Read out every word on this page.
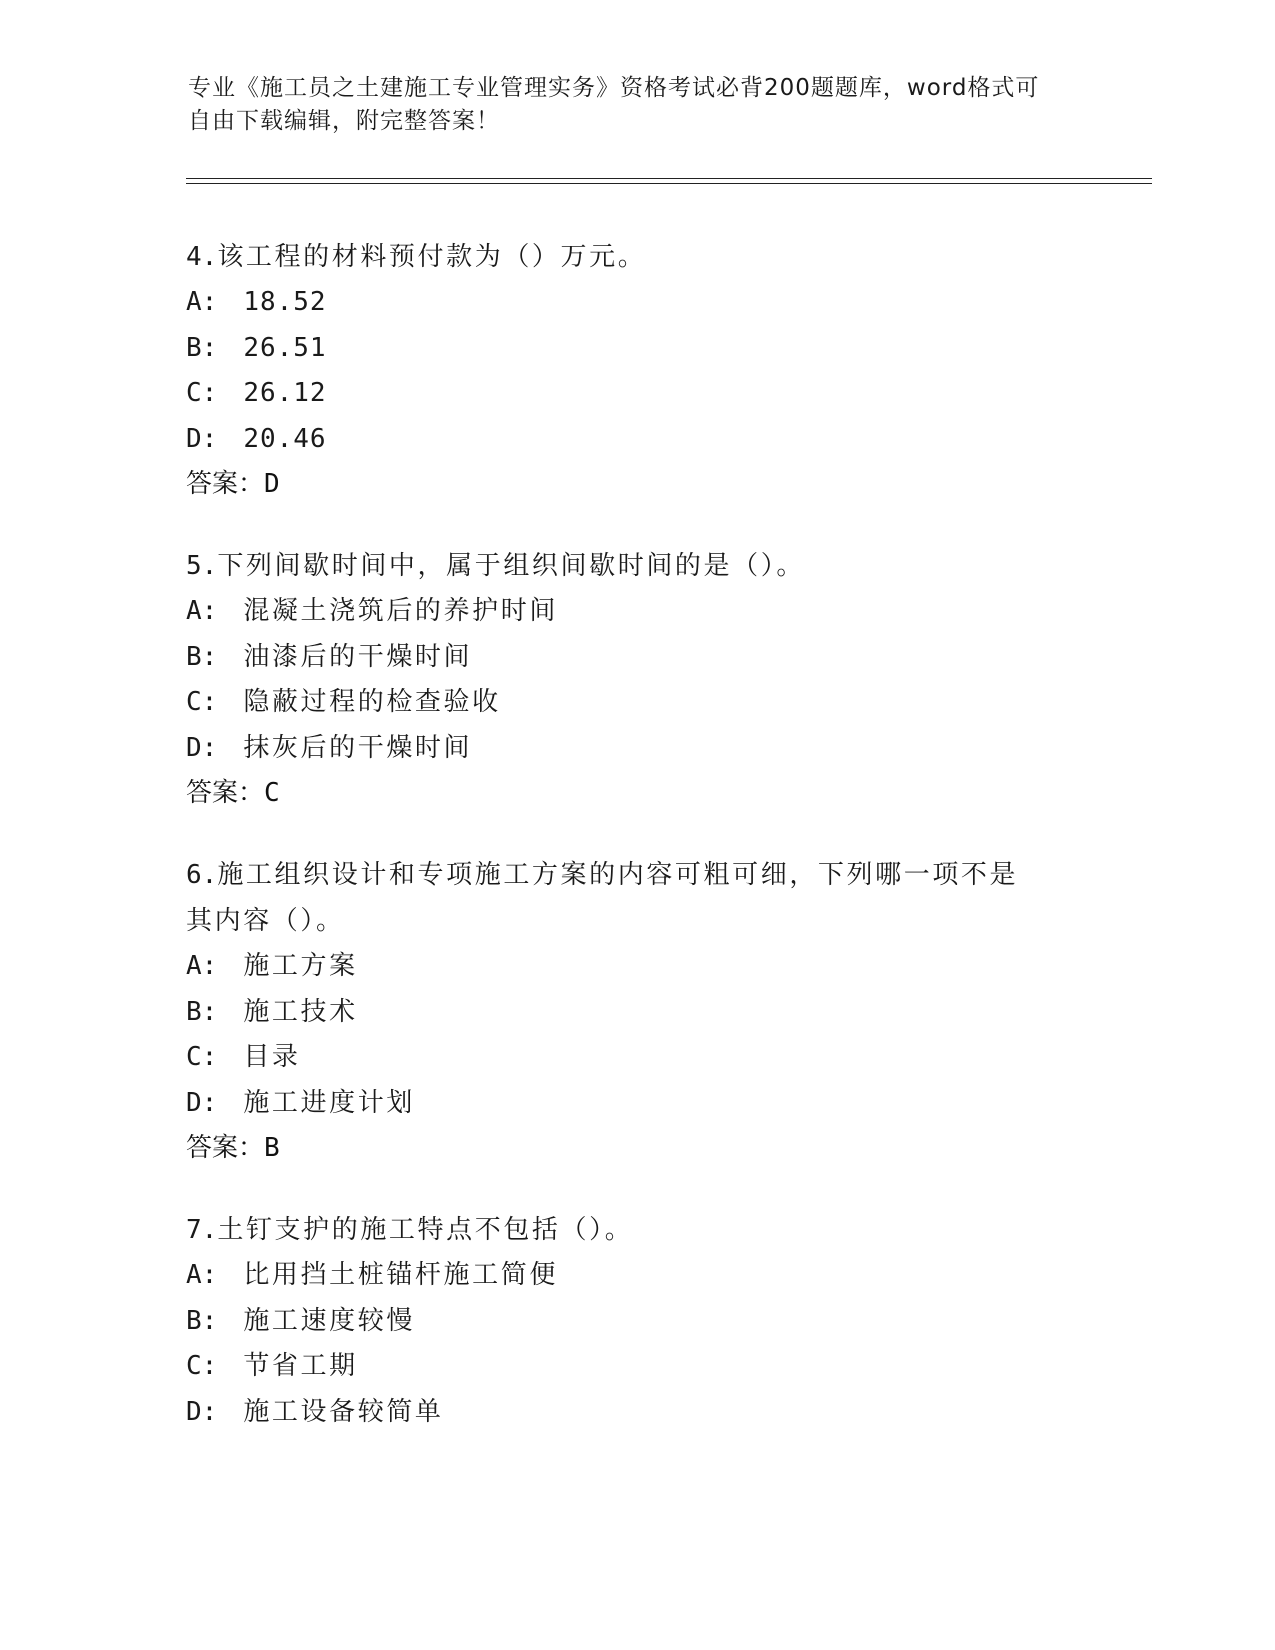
专业《施工员之土建施工专业管理实务》资格考试必背200题题库，word格式可
自由下载编辑，附完整答案！

4.该工程的材料预付款为（）万元。

A: 18.52
B: 26.51
C: 26.12
D: 20.46
答案：D

5.下列间歇时间中，属于组织间歇时间的是（）。

A: 混凝土浇筑后的养护时间
B: 油漆后的干燥时间
C: 隐蔽过程的检查验收
D: 抹灰后的干燥时间
答案：C

6.施工组织设计和专项施工方案的内容可粗可细，下列哪一项不是其内容（）。

A: 施工方案
B: 施工技术
C: 目录
D: 施工进度计划
答案：B

7.土钉支护的施工特点不包括（）。

A: 比用挡土桩锚杆施工简便
B: 施工速度较慢
C: 节省工期
D: 施工设备较简单
